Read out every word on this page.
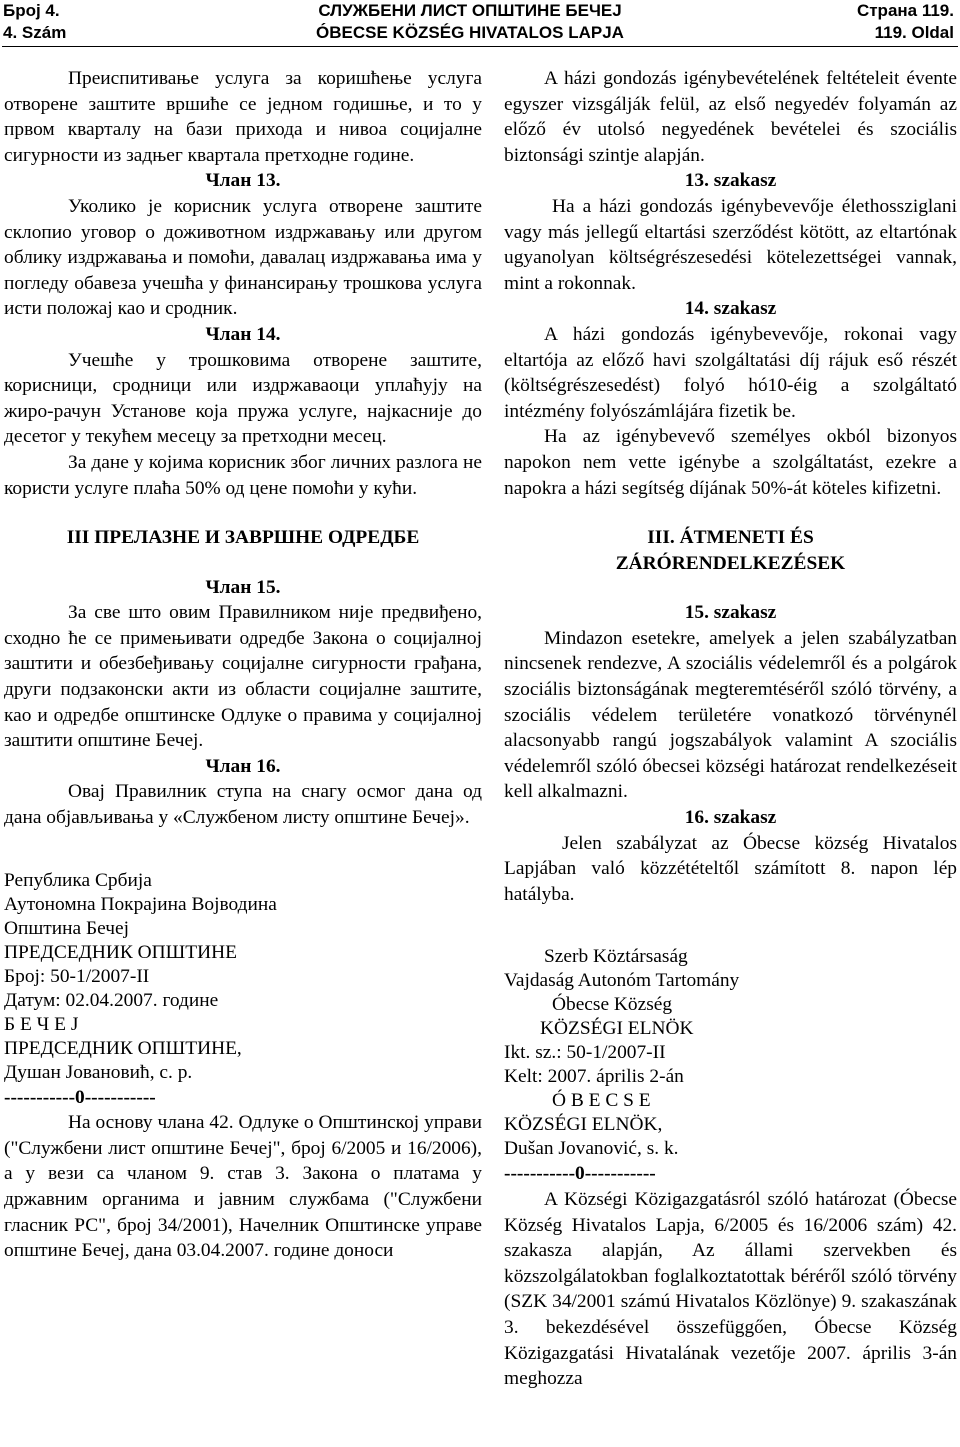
Број 4.
4. Szám
СЛУЖБЕНИ ЛИСТ ОПШТИНЕ БЕЧЕЈ
ÓBECSE KÖZSÉG HIVATALOS LAPJA
Страна 119.
119. Oldal

Преиспитивање услуга за коришћење услуга отворене заштите вршиће се једном годишње, и то у првом кварталу на бази прихода и нивоа социјалне сигурности из задњег квартала претходне године.

Члан 13.

Уколико је корисник услуга отворене заштите склопио уговор о доживотном издржавању или другом облику издржавања и помоћи, давалац издржавања има у погледу обавеза учешћа у финансирању трошкова услуга исти положај као и сродник.

Члан 14.

Учешће у трошковима отворене заштите, корисници, сродници или издржаваоци уплаћују на жиро-рачун Установе која пружа услуге, најкасније до десетог у текућем месецу за претходни месец.

За дане у којима корисник због личних разлога не користи услуге плаћа 50% од цене помоћи у кући.

III ПРЕЛАЗНЕ И ЗАВРШНЕ ОДРЕДБЕ

Члан 15.

За све што овим Правилником није предвиђено, сходно ће се примењивати одредбе Закона о социјалној заштити и обезбеђивању социјалне сигурности грађана, други подзаконски акти из области социјалне заштите, као и одредбе општинске Одлуке о правима у социјалној заштити општине Бечеј.

Члан 16.

Овај Правилник ступа на снагу осмог дана од дана објављивања у «Службеном листу општине Бечеј».

Република Србија

Аутономна Покрајина Војводина

Општина Бечеј

ПРЕДСЕДНИК ОПШТИНЕ

Број: 50-1/2007-II

Датум: 02.04.2007. године

Б Е Ч Е Ј

ПРЕДСЕДНИК ОПШТИНЕ,

Душан Јовановић, с. р.

-----------0-----------

На основу члана 42. Одлуке о Општинској управи ("Службени лист општине Бечеј", број 6/2005 и 16/2006), а у вези са чланом 9. став 3. Закона о платама у државним органима и јавним службама ("Службени гласник РС", број 34/2001), Начелник Општинске управе општине Бечеј, дана 03.04.2007. године доноси

A házi gondozás igénybevételének feltételeit évente egyszer vizsgálják felül, az első negyedév folyamán az előző év utolsó negyedének bevételei és szociális biztonsági szintje alapján.

13. szakasz

Ha a házi gondozás igénybevevője élethossziglani vagy más jellegű eltartási szerződést kötött, az eltartónak ugyanolyan költségrészesedési kötelezettségei vannak, mint a rokonnak.

14. szakasz

A házi gondozás igénybevevője, rokonai vagy eltartója az előző havi szolgáltatási díj rájuk eső részét (költségrészesedést) folyó hó10-éig a szolgáltató intézmény folyószámlájára fizetik be.

Ha az igénybevevő személyes okból bizonyos napokon nem vette igénybe a szolgáltatást, ezekre a napokra a házi segítség díjának 50%-át köteles kifizetni.

III. ÁTMENETI ÉS

ZÁRÓRENDELKEZÉSEK

15. szakasz

Mindazon esetekre, amelyek a jelen szabályzatban nincsenek rendezve, A szociális védelemről és a polgárok szociális biztonságának megteremtéséről szóló törvény, a szociális védelem területére vonatkozó törvénynél alacsonyabb rangú jogszabályok valamint A szociális védelemről szóló óbecsei községi határozat rendelkezéseit kell alkalmazni.

16. szakasz

Jelen szabályzat az Óbecse község Hivatalos Lapjában való közzétételtől számított 8. napon lép hatályba.

Szerb Köztársaság

Vajdaság Autonóm Tartomány

Óbecse Község

KÖZSÉGI ELNÖK

Ikt. sz.: 50-1/2007-II

Kelt: 2007. április 2-án

Ó B E C S E

KÖZSÉGI ELNÖK,

Dušan Jovanović, s. k.

-----------0-----------

A Községi Közigazgatásról szóló határozat (Óbecse Község Hivatalos Lapja, 6/2005 és 16/2006 szám) 42. szakasza alapján, Az állami szervekben és közszolgálatokban foglalkoztatottak béréről szóló törvény (SZK 34/2001 számú Hivatalos Közlönye) 9. szakaszának 3. bekezdésével összefüggően, Óbecse Község Közigazgatási Hivatalának vezetője 2007. április 3-án meghozza
